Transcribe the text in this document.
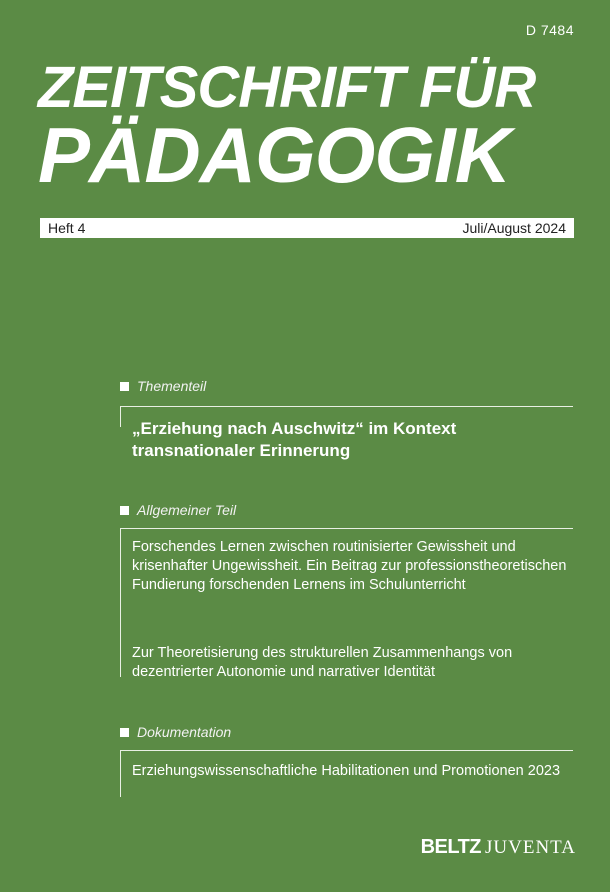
D 7484
ZEITSCHRIFT FÜR
PÄDAGOGIK
Heft 4	Juli/August 2024
Thementeil
„Erziehung nach Auschwitz“ im Kontext transnationaler Erinnerung
Allgemeiner Teil
Forschendes Lernen zwischen routinisierter Gewissheit und krisenhafter Ungewissheit. Ein Beitrag zur professionstheoretischen Fundierung forschenden Lernens im Schulunterricht
Zur Theoretisierung des strukturellen Zusammenhangs von dezentrierter Autonomie und narrativer Identität
Dokumentation
Erziehungswissenschaftliche Habilitationen und Promotionen 2023
BELTZ JUVENTA
